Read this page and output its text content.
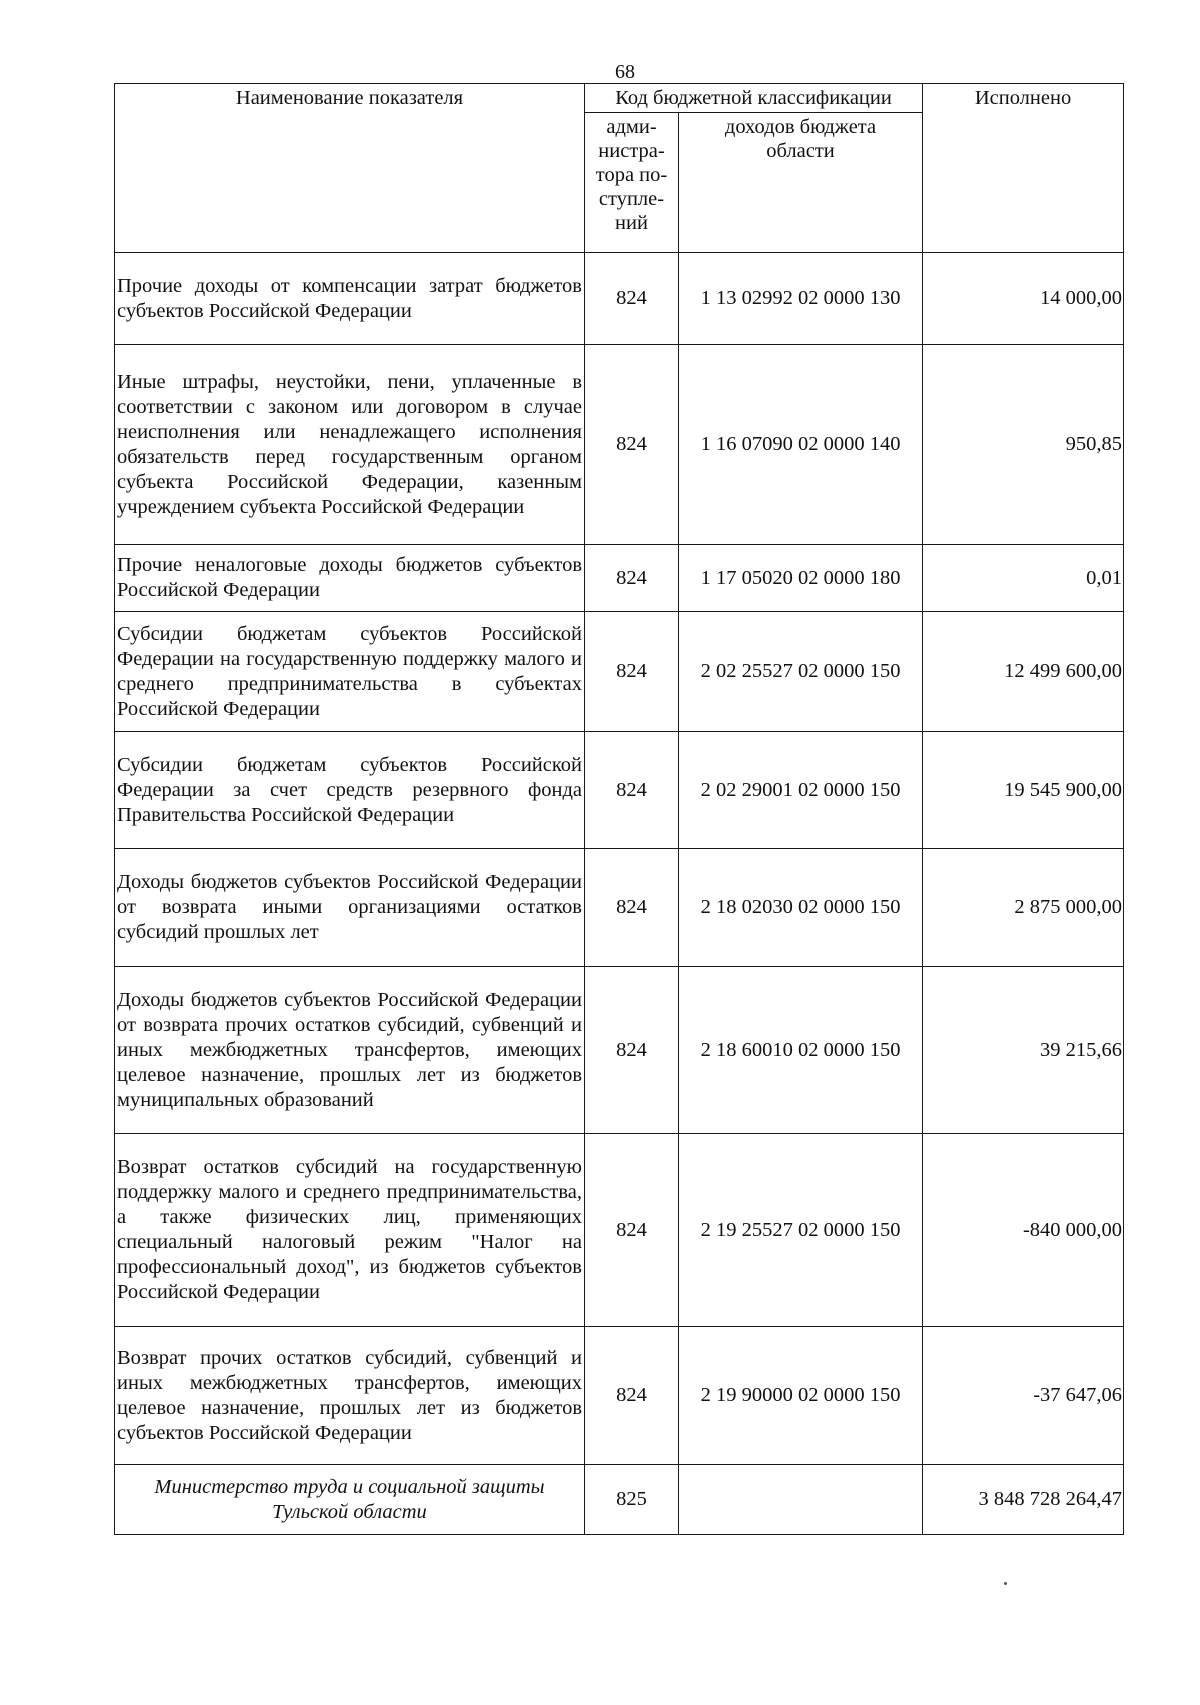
68
Наименование показателя	Код бюджетной классификации		Исполнено

	адми-
нистра-
тора по-
ступле-
ний	доходов бюджета
области	

Прочие доходы от компенсации затрат бюджетов субъектов Российской Федерации	824	1 13 02992 02 0000 130	14 000,00
Иные штрафы, неустойки, пени, уплаченные в соответствии с законом или договором в случае неисполнения или ненадлежащего исполнения обязательств перед государственным органом субъекта Российской Федерации, казенным учреждением субъекта Российской Федерации	824	1 16 07090 02 0000 140	950,85
Прочие неналоговые доходы бюджетов субъектов Российской Федерации	824	1 17 05020 02 0000 180	0,01
Субсидии бюджетам субъектов Российской Федерации на государственную поддержку малого и среднего предпринимательства в субъектах Российской Федерации	824	2 02 25527 02 0000 150	12 499 600,00
Субсидии бюджетам субъектов Российской Федерации за счет средств резервного фонда Правительства Российской Федерации	824	2 02 29001 02 0000 150	19 545 900,00
Доходы бюджетов субъектов Российской Федерации от возврата иными организациями остатков субсидий прошлых лет	824	2 18 02030 02 0000 150	2 875 000,00
Доходы бюджетов субъектов Российской Федерации от возврата прочих остатков субсидий, субвенций и иных межбюджетных трансфертов, имеющих целевое назначение, прошлых лет из бюджетов муниципальных образований	824	2 18 60010 02 0000 150	39 215,66
Возврат остатков субсидий на государственную поддержку малого и среднего предпринимательства, а также физических лиц, применяющих специальный налоговый режим "Налог на профессиональный доход", из бюджетов субъектов Российской Федерации	824	2 19 25527 02 0000 150	-840 000,00
Возврат прочих остатков субсидий, субвенций и иных межбюджетных трансфертов, имеющих целевое назначение, прошлых лет из бюджетов субъектов Российской Федерации	824	2 19 90000 02 0000 150	-37 647,06
Министерство труда и социальной защиты Тульской области	825		3 848 728 264,47
